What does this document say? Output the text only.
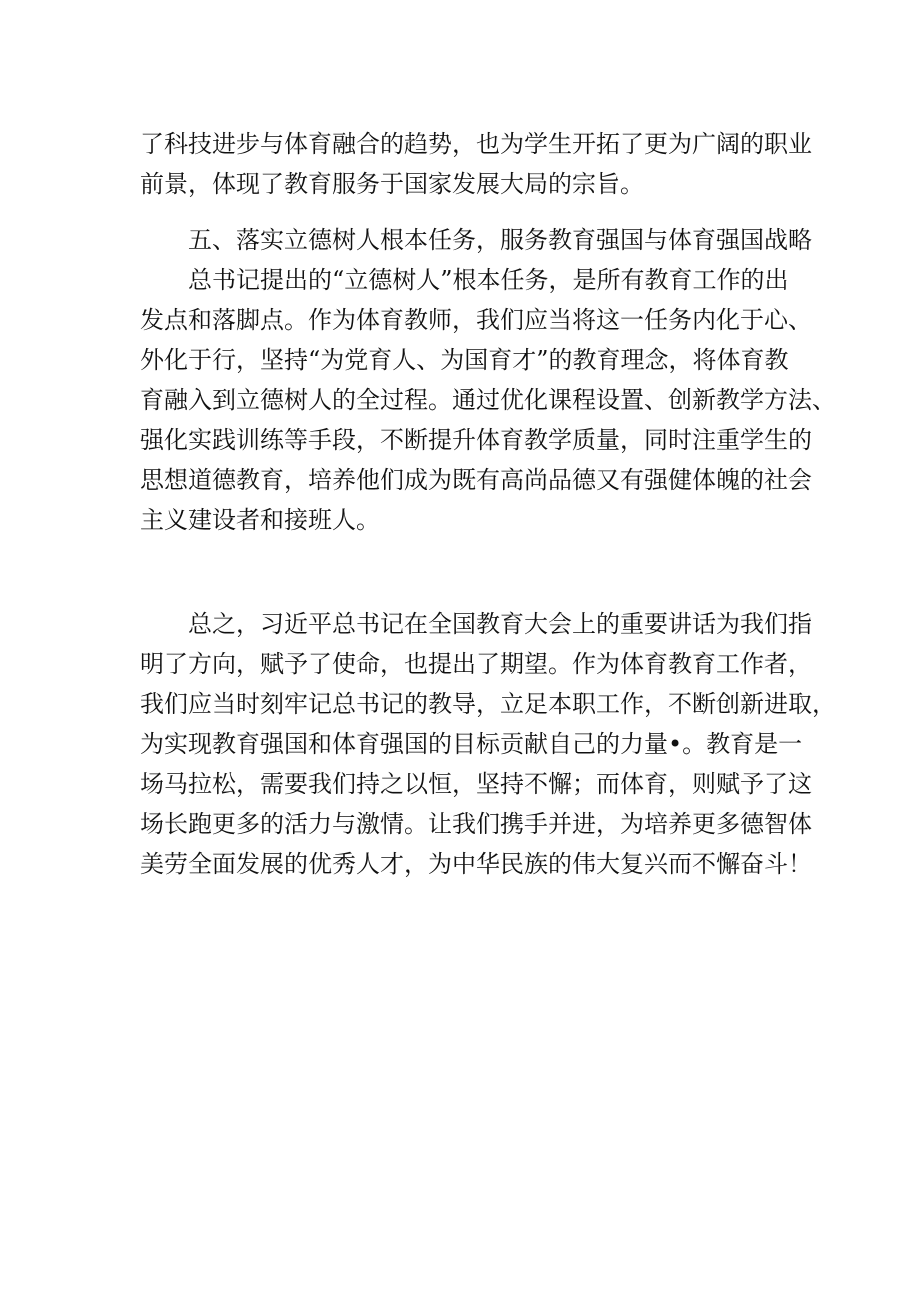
了科技进步与体育融合的趋势，也为学生开拓了更为广阔的职业
前景，体现了教育服务于国家发展大局的宗旨。
五、落实立德树人根本任务，服务教育强国与体育强国战略
总书记提出的“立德树人”根本任务，是所有教育工作的出
发点和落脚点。作为体育教师，我们应当将这一任务内化于心、
外化于行，坚持“为党育人、为国育才”的教育理念，将体育教
育融入到立德树人的全过程。通过优化课程设置、创新教学方法、
强化实践训练等手段，不断提升体育教学质量，同时注重学生的
思想道德教育，培养他们成为既有高尚品德又有强健体魄的社会
主义建设者和接班人。
总之，习近平总书记在全国教育大会上的重要讲话为我们指
明了方向，赋予了使命，也提出了期望。作为体育教育工作者，
我们应当时刻牢记总书记的教导，立足本职工作，不断创新进取，
为实现教育强国和体育强国的目标贡献自己的力量•。教育是一
场马拉松，需要我们持之以恒，坚持不懈；而体育，则赋予了这
场长跑更多的活力与激情。让我们携手并进，为培养更多德智体
美劳全面发展的优秀人才，为中华民族的伟大复兴而不懈奋斗！
